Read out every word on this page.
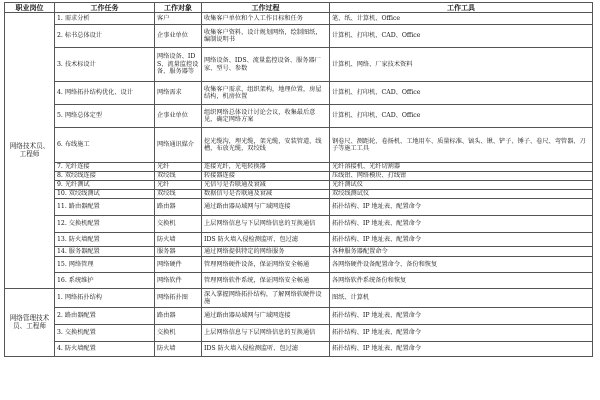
职业岗位	工作任务	工作对象	工作过程	工作工具
网络技术员、工程师	1. 需求分析	客户	收集客户单位和个人工作目标和任务	笔、纸、计算机、Office
	2. 标书总体设计	企事业单位	收集客户资料，设计规划网络，绘制图纸，编制说明书	计算机、打印机、CAD、Office
	3. 技术标设计	网络设备、IDS、流量监控设备、服务器等	网络设备、IDS、流量监控设备、服务器厂家、型号、参数	计算机、网络、厂家技术资料
	4. 网络拓扑结构优化、设计	网络需求	收集客户需求，组织架构，地理位置，房屋结构，机房位置	计算机、打印机、CAD、Office
	5. 网络总体定型	企事业单位	组织网络总体设计讨论会议，收集最后意见，确定网络方案	计算机、打印机、CAD、Office
	6. 布线施工	网络通讯媒介	挖光缆沟，埋光缆，架光缆，安装管道，线槽，布放光缆，双绞线	钢卷尺、测距轮、卷扬机、工地用车、质量标准、镐头、锹、铲子、锤子、卷尺、弯管器、刀子等施工工具
	7. 光纤连接	光纤	连接光纤，光电转换器	光纤溶接机、光纤切割器
	8. 双绞线连接	双绞线	转接器连接	压线钳、网络模块、打线钳
	9. 光纤测试	光纤	光信号是否联通及衰减	光纤测试仪
	10. 双绞线测试	双绞线	数据信号是否联通及衰减	双绞线测试仪
	11. 路由器配置	路由器	通过路由器局域网与广域网连接	拓扑结构、IP 地址表、配置命令
	12. 交换机配置	交换机	上层网络信息与下层网络信息的互换通信	拓扑结构、IP 地址表、配置命令
	13. 防火墙配置	防火墙	IDS 防火墙入侵检测监听、包过滤	拓扑结构、IP 地址表、配置命令
	14. 服务器配置	服务器	通过网络提供特定的网络服务	各种服务器配置命令
	15. 网络管理	网络硬件	管理网络硬件设备，保证网络安全畅通	各网络硬件设备配置命令、备份和恢复
	16. 系统维护	网络软件	管理网络软件系统，保证网络安全畅通	各网络软件系统备份和恢复
网络管理技术员、工程师	1. 网络拓扑结构	网络拓扑图	深入掌握网络拓扑结构，了解网络软硬件设施	图纸、计算机
	2. 路由器配置	路由器	通过路由器局域网与广域网连接	拓扑结构、IP 地址表、配置命令
	3. 交换机配置	交换机	上层网络信息与下层网络信息的互换通信	拓扑结构、IP 地址表、配置命令
	4. 防火墙配置	防火墙	IDS 防火墙入侵检测监听、包过滤	拓扑结构、IP 地址表、配置命令
